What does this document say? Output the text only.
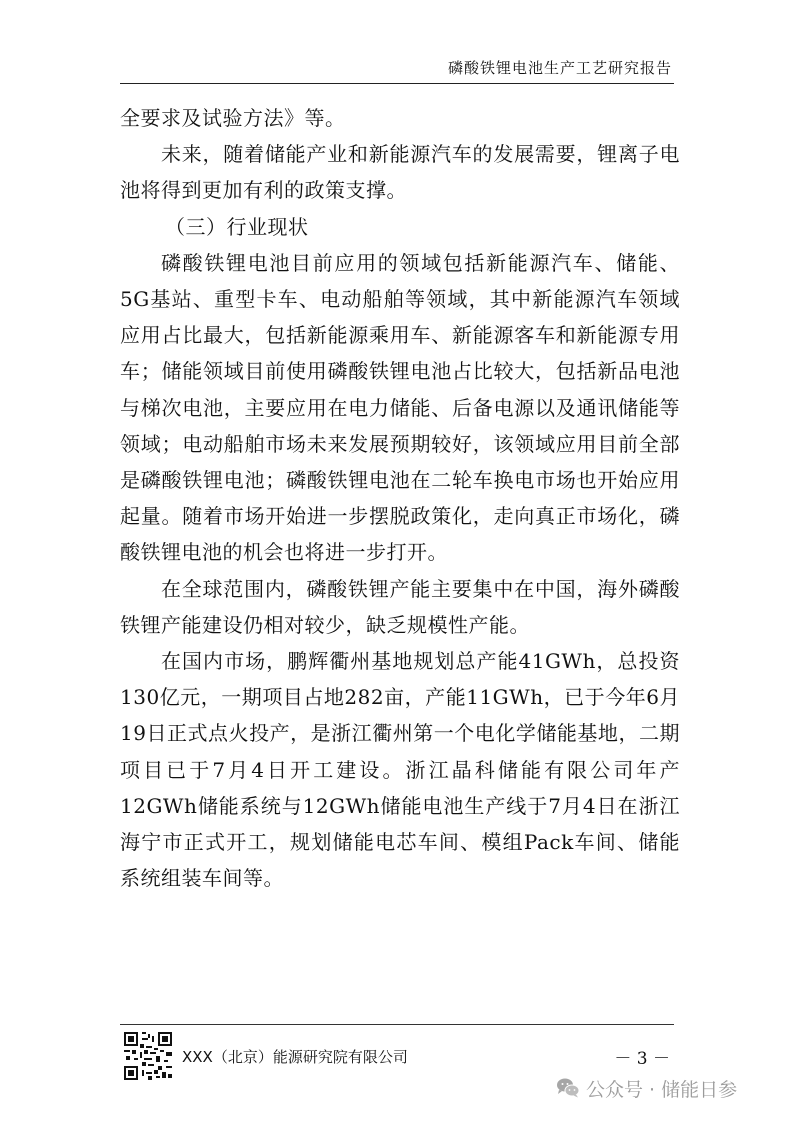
磷酸铁锂电池生产工艺研究报告

全要求及试验方法》等。

未来，随着储能产业和新能源汽车的发展需要，锂离子电池将得到更加有利的政策支撑。

（三）行业现状

磷酸铁锂电池目前应用的领域包括新能源汽车、储能、5G基站、重型卡车、电动船舶等领域，其中新能源汽车领域应用占比最大，包括新能源乘用车、新能源客车和新能源专用车；储能领域目前使用磷酸铁锂电池占比较大，包括新品电池与梯次电池，主要应用在电力储能、后备电源以及通讯储能等领域；电动船舶市场未来发展预期较好，该领域应用目前全部是磷酸铁锂电池；磷酸铁锂电池在二轮车换电市场也开始应用起量。随着市场开始进一步摆脱政策化，走向真正市场化，磷酸铁锂电池的机会也将进一步打开。

在全球范围内，磷酸铁锂产能主要集中在中国，海外磷酸铁锂产能建设仍相对较少，缺乏规模性产能。

在国内市场，鹏辉衢州基地规划总产能41GWh，总投资130亿元，一期项目占地282亩，产能11GWh，已于今年6月19日正式点火投产，是浙江衢州第一个电化学储能基地，二期项目已于7月4日开工建设。浙江晶科储能有限公司年产12GWh储能系统与12GWh储能电池生产线于7月4日在浙江海宁市正式开工，规划储能电芯车间、模组Pack车间、储能系统组装车间等。

XXX（北京）能源研究院有限公司	－ 3 －
公众号 · 储能日参
